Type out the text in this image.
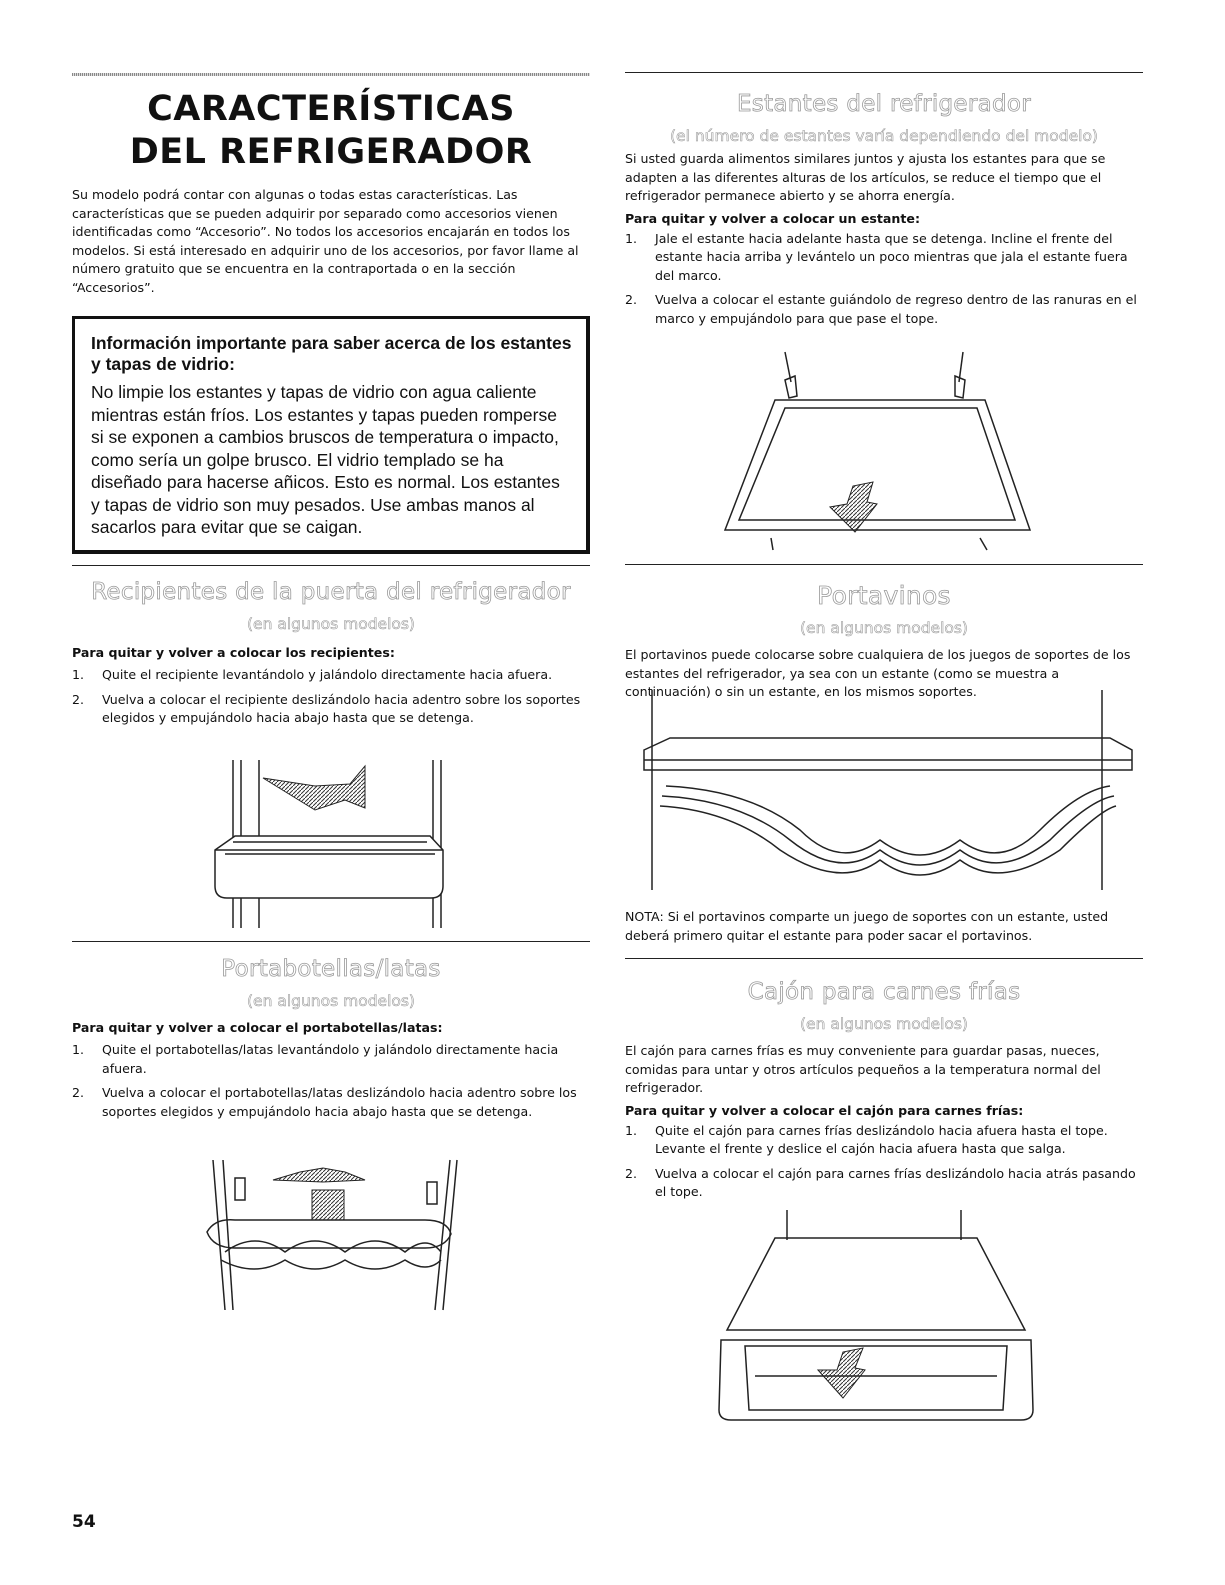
CARACTERÍSTICAS
DEL REFRIGERADOR

Su modelo podrá contar con algunas o todas estas características. Las características que se pueden adquirir por separado como accesorios vienen identificadas como “Accesorio”. No todos los accesorios encajarán en todos los modelos. Si está interesado en adquirir uno de los accesorios, por favor llame al número gratuito que se encuentra en la contraportada o en la sección “Accesorios”.

Información importante para saber acerca de los estantes y tapas de vidrio:

No limpie los estantes y tapas de vidrio con agua caliente mientras están fríos. Los estantes y tapas pueden romperse si se exponen a cambios bruscos de temperatura o impacto, como sería un golpe brusco. El vidrio templado se ha diseñado para hacerse añicos. Esto es normal. Los estantes y tapas de vidrio son muy pesados. Use ambas manos al sacarlos para evitar que se caigan.

Recipientes de la puerta del refrigerador
(en algunos modelos)

Para quitar y volver a colocar los recipientes:

1. Quite el recipiente levantándolo y jalándolo directamente hacia afuera.
2. Vuelva a colocar el recipiente deslizándolo hacia adentro sobre los soportes elegidos y empujándolo hacia abajo hasta que se detenga.
Portabotellas/latas
(en algunos modelos)

Para quitar y volver a colocar el portabotellas/latas:

1. Quite el portabotellas/latas levantándolo y jalándolo directamente hacia afuera.
2. Vuelva a colocar el portabotellas/latas deslizándolo hacia adentro sobre los soportes elegidos y empujándolo hacia abajo hasta que se detenga.
Estantes del refrigerador
(el número de estantes varía dependiendo del modelo)

Si usted guarda alimentos similares juntos y ajusta los estantes para que se adapten a las diferentes alturas de los artículos, se reduce el tiempo que el refrigerador permanece abierto y se ahorra energía.

Para quitar y volver a colocar un estante:

1. Jale el estante hacia adelante hasta que se detenga. Incline el frente del estante hacia arriba y levántelo un poco mientras que jala el estante fuera del marco.
2. Vuelva a colocar el estante guiándolo de regreso dentro de las ranuras en el marco y empujándolo para que pase el tope.
Portavinos
(en algunos modelos)

El portavinos puede colocarse sobre cualquiera de los juegos de soportes de los estantes del refrigerador, ya sea con un estante (como se muestra a continuación) o sin un estante, en los mismos soportes.

NOTA: Si el portavinos comparte un juego de soportes con un estante, usted deberá primero quitar el estante para poder sacar el portavinos.

Cajón para carnes frías
(en algunos modelos)

El cajón para carnes frías es muy conveniente para guardar pasas, nueces, comidas para untar y otros artículos pequeños a la temperatura normal del refrigerador.

Para quitar y volver a colocar el cajón para carnes frías:

1. Quite el cajón para carnes frías deslizándolo hacia afuera hasta el tope. Levante el frente y deslice el cajón hacia afuera hasta que salga.
2. Vuelva a colocar el cajón para carnes frías deslizándolo hacia atrás pasando el tope.
54
